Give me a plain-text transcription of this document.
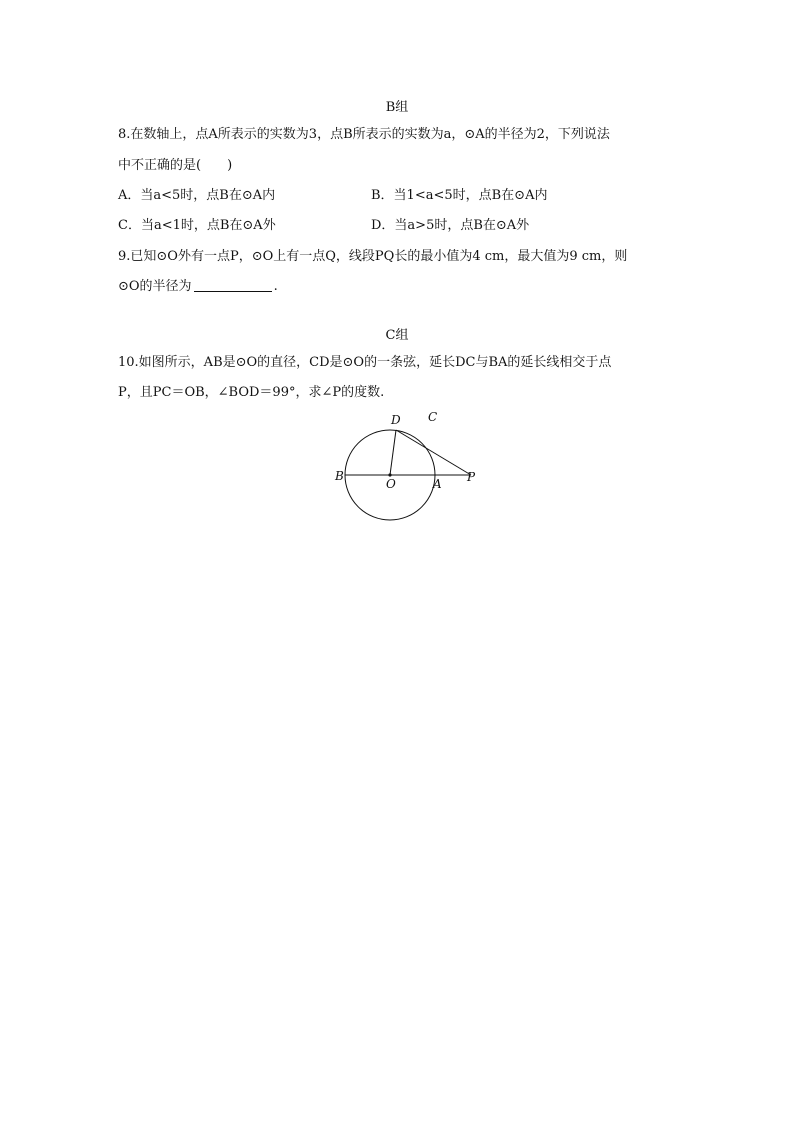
B组
8.在数轴上，点A所表示的实数为3，点B所表示的实数为a，⊙A的半径为2，下列说法
中不正确的是(　　)
A．当a<5时，点B在⊙A内	B．当1<a<5时，点B在⊙A内
C．当a<1时，点B在⊙A外	D．当a>5时，点B在⊙A外
9.已知⊙O外有一点P，⊙O上有一点Q，线段PQ长的最小值为4 cm，最大值为9 cm，则
⊙O的半径为	.
C组
10.如图所示，AB是⊙O的直径，CD是⊙O的一条弦，延长DC与BA的延长线相交于点
P，且PC＝OB，∠BOD＝99°，求∠P的度数.
D C
B
O	A P
